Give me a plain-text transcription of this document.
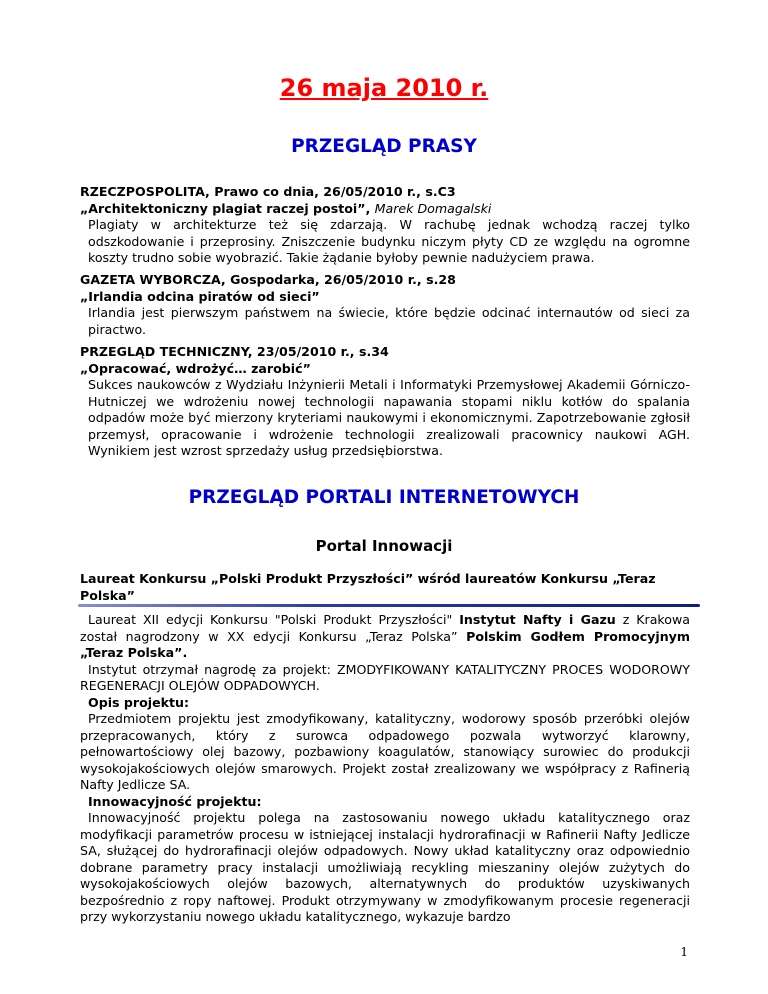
26 maja 2010 r.
PRZEGLĄD PRASY
RZECZPOSPOLITA, Prawo co dnia, 26/05/2010 r., s.C3
„Architektoniczny plagiat raczej postoi”, Marek Domagalski
Plagiaty w architekturze też się zdarzają. W rachubę jednak wchodzą raczej tylko odszkodowanie i przeprosiny. Zniszczenie budynku niczym płyty CD ze względu na ogromne koszty trudno sobie wyobrazić. Takie żądanie byłoby pewnie nadużyciem prawa.
GAZETA WYBORCZA, Gospodarka, 26/05/2010 r., s.28
„Irlandia odcina piratów od sieci”
Irlandia jest pierwszym państwem na świecie, które będzie odcinać internautów od sieci za piractwo.
PRZEGLĄD TECHNICZNY, 23/05/2010 r., s.34
„Opracować, wdrożyć… zarobić”
Sukces naukowców z Wydziału Inżynierii Metali i Informatyki Przemysłowej Akademii Górniczo-Hutniczej we wdrożeniu nowej technologii napawania stopami niklu kotłów do spalania odpadów może być mierzony kryteriami naukowymi i ekonomicznymi. Zapotrzebowanie zgłosił przemysł, opracowanie i wdrożenie technologii zrealizowali pracownicy naukowi AGH. Wynikiem jest wzrost sprzedaży usług przedsiębiorstwa.
PRZEGLĄD PORTALI INTERNETOWYCH
Portal Innowacji
Laureat Konkursu „Polski Produkt Przyszłości” wśród laureatów Konkursu „Teraz Polska”

Laureat XII edycji Konkursu "Polski Produkt Przyszłości" Instytut Nafty i Gazu z Krakowa został nagrodzony w XX edycji Konkursu „Teraz Polska” Polskim Godłem Promocyjnym „Teraz Polska”.

Instytut otrzymał nagrodę za projekt: ZMODYFIKOWANY KATALITYCZNY PROCES WODOROWY REGENERACJI OLEJÓW ODPADOWYCH.

Opis projektu:

Przedmiotem projektu jest zmodyfikowany, katalityczny, wodorowy sposób przeróbki olejów przepracowanych, który z surowca odpadowego pozwala wytworzyć klarowny, pełnowartościowy olej bazowy, pozbawiony koagulatów, stanowiący surowiec do produkcji wysokojakościowych olejów smarowych. Projekt został zrealizowany we współpracy z Rafinerią Nafty Jedlicze SA.

Innowacyjność projektu:

Innowacyjność projektu polega na zastosowaniu nowego układu katalitycznego oraz modyfikacji parametrów procesu w istniejącej instalacji hydrorafinacji w Rafinerii Nafty Jedlicze SA, służącej do hydrorafinacji olejów odpadowych. Nowy układ katalityczny oraz odpowiednio dobrane parametry pracy instalacji umożliwiają recykling mieszaniny olejów zużytych do wysokojakościowych olejów bazowych, alternatywnych do produktów uzyskiwanych bezpośrednio z ropy naftowej. Produkt otrzymywany w zmodyfikowanym procesie regeneracji przy wykorzystaniu nowego układu katalitycznego, wykazuje bardzo

1
